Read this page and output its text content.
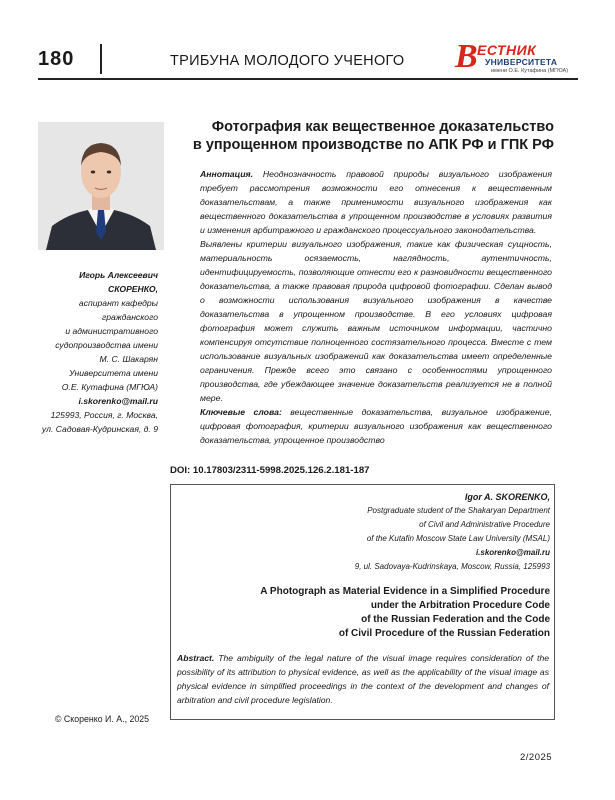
180	ТРИБУНА МОЛОДОГО УЧЕНОГО В ЕСТНИК
УНИВЕРСИТЕТА
имени О.Е. Кутафина (МГЮА)
Фотография как вещественное доказательство
в упрощенном производстве по АПК РФ и ГПК РФ

Аннотация. Неоднозначность правовой природы визуального изображения требует рассмотрения возможности его отнесения к вещественным доказательствам, а также применимости визуального изображения как вещественного доказательства в упрощенном производстве в условиях развития и изменения арбитражного и гражданского процессуального законодательства.

Выявлены критерии визуального изображения, такие как физическая сущность, материальность осязаемость, наглядность, аутентичность, идентифицируемость, позволяющие отнести его к разновидности вещественного доказательства, а также правовая природа цифровой фотографии. Сделан вывод о возможности использования визуального изображения в качестве доказательства в упрощенном производстве. В его условиях цифровая фотография может служить важным источником информации, частично компенсируя отсутствие полноценного состязательного процесса. Вместе с тем использование визуальных изображений как доказательства имеет определенные ограничения. Прежде всего это связано с особенностями упрощенного производства, где убеждающее значение доказательств реализуется не в полной мере.

Ключевые слова: вещественные доказательства, визуальное изображение, цифровая фотография, критерии визуального изображения как вещественного доказательства, упрощенное производство

Игорь Алексеевич
СКОРЕНКО,
аспирант кафедры
гражданского
и административного
судопроизводства имени
М. С. Шакарян
Университета имени
О.Е. Кутафина (МГЮА)
i.skorenko@mail.ru
125993, Россия, г. Москва,
ул. Садовая-Кудринская, д. 9
DOI: 10.17803/2311-5998.2025.126.2.181-187
Igor A. SKORENKO,
Postgraduate student of the Shakaryan Department
of Civil and Administrative Procedure
of the Kutafin Moscow State Law University (MSAL)
i.skorenko@mail.ru
9, ul. Sadovaya-Kudrinskaya, Moscow, Russia, 125993
A Photograph as Material Evidence in a Simplified Procedure
under the Arbitration Procedure Code
of the Russian Federation and the Code
of Civil Procedure of the Russian Federation
Abstract. The ambiguity of the legal nature of the visual image requires consideration of the possibility of its attribution to physical evidence, as well as the applicability of the visual image as physical evidence in simplified proceedings in the context of the development and changes of arbitration and civil procedure legislation.
© Скоренко И. А., 2025
2/2025
